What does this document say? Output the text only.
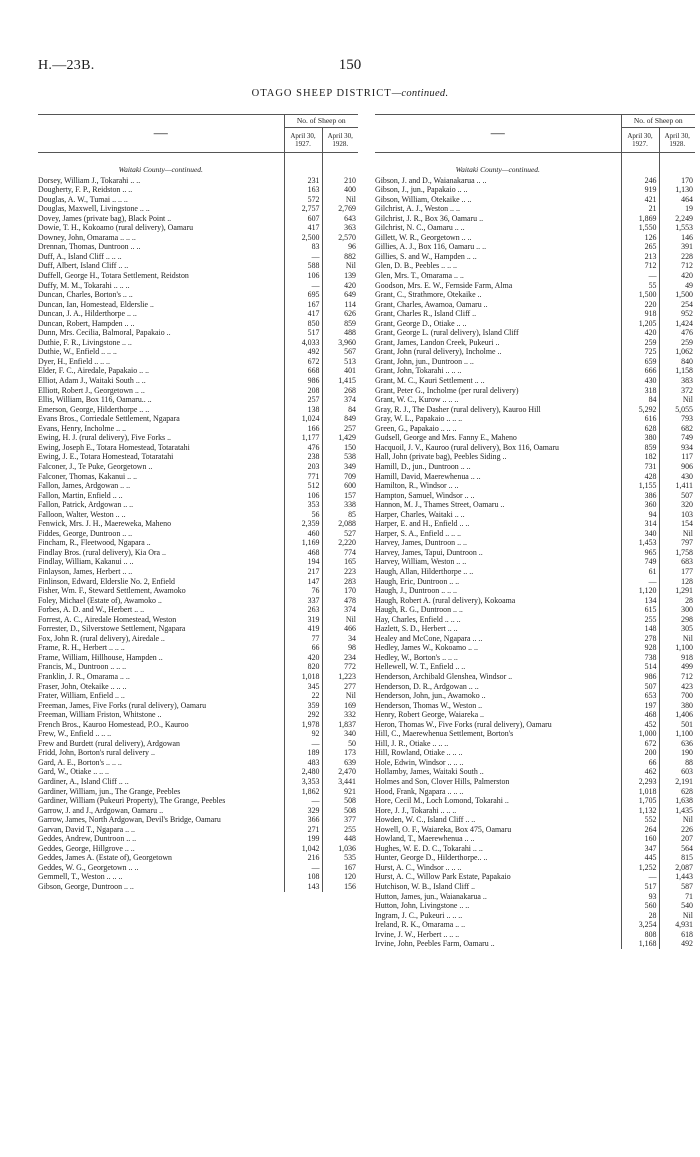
H.—23B.	150
OTAGO SHEEP DISTRICT—continued.
—	No. of Sheep on	
	April 30, 1927.	April 30, 1928.

Waitaki County—continued.		
Dorsey, William J., Tokarahi .. ..	231	210
Dougherty, F. P., Reidston .. ..	163	400
Douglas, A. W., Tumai .. .. ..	572	Nil
Douglas, Maxwell, Livingstone .. ..	2,757	2,769
Dovey, James (private bag), Black Point ..	607	643
Dowie, T. H., Kokoamo (rural delivery), Oamaru	417	363
Downey, John, Omarama .. .. ..	2,500	2,570
Drennan, Thomas, Duntroon .. ..	83	96
Duff, A., Island Cliff .. .. ..	—	882
Duff, Albert, Island Cliff .. ..	588	Nil
Duffell, George H., Totara Settlement, Reidston	106	139
Duffy, M. M., Tokarahi .. .. ..	—	420
Duncan, Charles, Borton's .. ..	695	649
Duncan, Ian, Homestead, Elderslie ..	167	114
Duncan, J. A., Hilderthorpe .. ..	417	626
Duncan, Robert, Hampden .. ..	850	859
Dunn, Mrs. Cecilia, Balmoral, Papakaio ..	517	488
Duthie, F. R., Livingstone .. ..	4,033	3,960
Duthie, W., Enfield .. .. ..	492	567
Dyer, H., Enfield .. .. ..	672	513
Elder, F. C., Airedale, Papakaio .. ..	668	401
Elliot, Adam J., Waitaki South .. ..	986	1,415
Elliott, Robert J., Georgetown .. ..	208	268
Ellis, William, Box 116, Oamaru.. ..	257	374
Emerson, George, Hilderthorpe .. ..	138	84
Evans Bros., Corriedale Settlement, Ngapara	1,024	849
Evans, Henry, Incholme .. ..	166	257
Ewing, H. J. (rural delivery), Five Forks ..	1,177	1,429
Ewing, Joseph E., Totara Homestead, Totaratahi	476	150
Ewing, J. E., Totara Homestead, Totaratahi	238	538
Falconer, J., Te Puke, Georgetown ..	203	349
Falconer, Thomas, Kakanui .. ..	771	709
Fallon, James, Ardgowan .. ..	512	600
Fallon, Martin, Enfield .. ..	106	157
Fallon, Patrick, Ardgowan .. ..	353	338
Falloon, Walter, Weston .. ..	56	85
Fenwick, Mrs. J. H., Maereweka, Maheno	2,359	2,088
Fiddes, George, Duntroon .. ..	460	527
Fincham, R., Fleetwood, Ngapara ..	1,169	2,220
Findlay Bros. (rural delivery), Kia Ora ..	468	774
Findlay, William, Kakanui .. ..	194	165
Finlayson, James, Herbert .. ..	217	223
Finlinson, Edward, Elderslie No. 2, Enfield	147	283
Fisher, Wm. F., Steward Settlement, Awamoko	76	170
Foley, Michael (Estate of), Awamoko ..	337	478
Forbes, A. D. and W., Herbert .. ..	263	374
Forrest, A. C., Airedale Homestead, Weston	319	Nil
Forrester, D., Silverstowe Settlement, Ngapara	419	466
Fox, John R. (rural delivery), Airedale ..	77	34
Frame, R. H., Herbert .. .. ..	66	98
Frame, William, Hillhouse, Hampden ..	420	234
Francis, M., Duntroon .. .. ..	820	772
Franklin, J. R., Omarama .. ..	1,018	1,223
Fraser, John, Otekaike .. .. ..	345	277
Frater, William, Enfield .. ..	22	Nil
Freeman, James, Five Forks (rural delivery), Oamaru	359	169
Freeman, William Friston, Whitstone ..	292	332
French Bros., Kauroo Homestead, P.O., Kauroo	1,978	1,837
Frew, W., Enfield .. .. ..	92	340
Frew and Burdett (rural delivery), Ardgowan	—	50
Fridd, John, Borton's rural delivery ..	189	173
Gard, A. E., Borton's .. .. ..	483	639
Gard, W., Otiake .. .. ..	2,480	2,470
Gardiner, A., Island Cliff .. ..	3,353	3,441
Gardiner, William, jun., The Grange, Peebles	1,862	921
Gardiner, William (Pukeuri Property), The Grange, Peebles	—	508
Garrow, J. and J., Ardgowan, Oamaru ..	329	508
Garrow, James, North Ardgowan, Devil's Bridge, Oamaru	366	377
Garvan, David T., Ngapara .. ..	271	255
Geddes, Andrew, Duntroon .. ..	199	448
Geddes, George, Hillgrove .. ..	1,042	1,036
Geddes, James A. (Estate of), Georgetown	216	535
Geddes, W. G., Georgetown .. ..	—	167
Gemmell, T., Weston .. .. ..	108	120
Gibson, George, Duntroon .. ..	143	156
—	No. of Sheep on	
	April 30, 1927.	April 30, 1928.

Waitaki County—continued.		
Gibson, J. and D., Waianakarua .. ..	246	170
Gibson, J., jun., Papakaio .. ..	919	1,130
Gibson, William, Otekaike .. ..	421	464
Gilchrist, A. J., Weston .. ..	21	19
Gilchrist, J. R., Box 36, Oamaru ..	1,869	2,249
Gilchrist, N. C., Oamaru .. ..	1,550	1,553
Gillett, W. R., Georgetown .. ..	126	146
Gillies, A. J., Box 116, Oamaru .. ..	265	391
Gillies, S. and W., Hampden .. ..	213	228
Glen, D. B., Peebles .. .. ..	712	712
Glen, Mrs. T., Omarama .. ..	—	420
Goodson, Mrs. E. W., Fernside Farm, Alma	55	49
Grant, C., Strathmore, Otekaike ..	1,500	1,500
Grant, Charles, Awamoa, Oamaru ..	220	254
Grant, Charles R., Island Cliff ..	918	952
Grant, George D., Otiake .. ..	1,205	1,424
Grant, George L. (rural delivery), Island Cliff	420	476
Grant, James, Landon Creek, Pukeuri ..	259	259
Grant, John (rural delivery), Incholme ..	725	1,062
Grant, John, jun., Duntroon .. ..	659	840
Grant, John, Tokarahi .. .. ..	666	1,158
Grant, M. C., Kauri Settlement .. ..	430	383
Grant, Peter G., Incholme (per rural delivery)	318	372
Grant, W. C., Kurow .. .. ..	84	Nil
Gray, R. J., The Dasher (rural delivery), Kauroo Hill	5,292	5,055
Gray, W. L., Papakaio .. .. ..	616	793
Green, G., Papakaio .. .. ..	628	682
Gudsell, George and Mrs. Fanny E., Maheno	380	749
Hacquoil, J. V., Kauroo (rural delivery), Box 116, Oamaru	859	934
Hall, John (private bag), Peebles Siding ..	182	117
Hamill, D., jun., Duntroon .. ..	731	906
Hamill, David, Maerewhenua .. ..	428	430
Hamilton, R., Windsor .. ..	1,155	1,411
Hampton, Samuel, Windsor .. ..	386	507
Hannon, M. J., Thames Street, Oamaru ..	360	320
Harper, Charles, Waitaki .. ..	94	103
Harper, E. and H., Enfield .. ..	314	154
Harper, S. A., Enfield .. .. ..	340	Nil
Harvey, James, Duntroon .. ..	1,453	797
Harvey, James, Tapui, Duntroon ..	965	1,758
Harvey, William, Weston .. ..	749	683
Haugh, Allan, Hilderthorpe .. ..	61	177
Haugh, Eric, Duntroon .. ..	—	128
Haugh, J., Duntroon .. .. ..	1,120	1,291
Haugh, Robert A. (rural delivery), Kokoama	134	28
Haugh, R. G., Duntroon .. ..	615	300
Hay, Charles, Enfield .. .. ..	255	298
Hazlett, S. D., Herbert .. ..	148	305
Healey and McCone, Ngapara .. ..	278	Nil
Hedley, James W., Kokoamo .. ..	928	1,100
Hedley, W., Borton's .. .. ..	738	918
Hellewell, W. T., Enfield .. ..	514	499
Henderson, Archibald Glenshea, Windsor ..	986	712
Henderson, D. R., Ardgowan .. ..	507	423
Henderson, John, jun., Awamoko ..	653	700
Henderson, Thomas W., Weston ..	197	380
Henry, Robert George, Waiareka ..	468	1,406
Heron, Thomas W., Five Forks (rural delivery), Oamaru	452	501
Hill, C., Maerewhenua Settlement, Borton's	1,000	1,100
Hill, J. R., Otiake .. .. ..	672	636
Hill, Rowland, Otiake .. .. ..	200	190
Hole, Edwin, Windsor .. .. ..	66	88
Hollamby, James, Waitaki South ..	462	603
Holmes and Son, Clover Hills, Palmerston	2,293	2,191
Hood, Frank, Ngapara .. .. ..	1,018	628
Hore, Cecil M., Loch Lomond, Tokarahi ..	1,705	1,638
Hore, J. J., Tokarahi .. .. ..	1,132	1,435
Howden, W. C., Island Cliff .. ..	552	Nil
Howell, O. F., Waiareka, Box 475, Oamaru	264	226
Howland, T., Maerewhenua .. ..	160	207
Hughes, W. E. D. C., Tokarahi .. ..	347	564
Hunter, George D., Hilderthorpe.. ..	445	815
Hurst, A. C., Windsor .. .. ..	1,252	2,087
Hurst, A. C., Willow Park Estate, Papakaio	—	1,443
Hutchison, W. B., Island Cliff ..	517	587
Hutton, James, jun., Waianakarua ..	93	71
Hutton, John, Livingstone .. ..	560	540
Ingram, J. C., Pukeuri .. .. ..	28	Nil
Ireland, R. K., Omarama .. ..	3,254	4,931
Irvine, J. W., Herbert .. .. ..	808	618
Irvine, John, Peebles Farm, Oamaru ..	1,168	492
